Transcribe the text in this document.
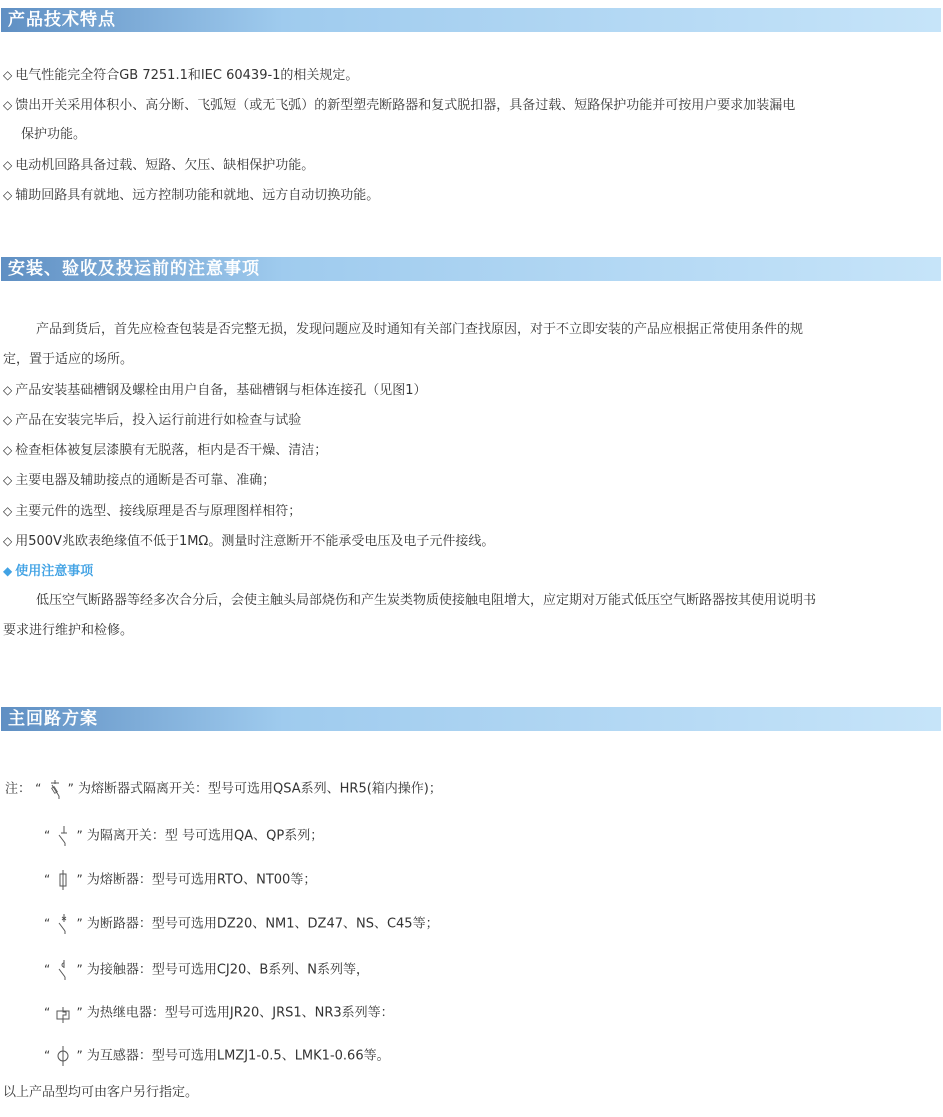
产品技术特点
◇ 电气性能完全符合GB 7251.1和IEC 60439-1的相关规定。
◇ 馈出开关采用体积小、高分断、飞弧短（或无飞弧）的新型塑壳断路器和复式脱扣器，具备过载、短路保护功能并可按用户要求加装漏电
保护功能。
◇ 电动机回路具备过载、短路、欠压、缺相保护功能。
◇ 辅助回路具有就地、远方控制功能和就地、远方自动切换功能。
安装、验收及投运前的注意事项
产品到货后，首先应检查包装是否完整无损，发现问题应及时通知有关部门查找原因，对于不立即安装的产品应根据正常使用条件的规
定，置于适应的场所。
◇ 产品安装基础槽钢及螺栓由用户自备，基础槽钢与柜体连接孔（见图1）
◇ 产品在安装完毕后，投入运行前进行如检查与试验
◇ 检查柜体被复层漆膜有无脱落，柜内是否干燥、清洁；
◇ 主要电器及辅助接点的通断是否可靠、准确；
◇ 主要元件的选型、接线原理是否与原理图样相符；
◇ 用500V兆欧表绝缘值不低于1MΩ。测量时注意断开不能承受电压及电子元件接线。
◆ 使用注意事项
低压空气断路器等经多次合分后，会使主触头局部烧伤和产生炭类物质使接触电阻增大，应定期对万能式低压空气断路器按其使用说明书
要求进行维护和检修。
主回路方案
注： “ ” 为熔断器式隔离开关：型号可选用QSA系列、HR5(箱内操作)；
“ ” 为隔离开关：型 号可选用QA、QP系列；
“ ” 为熔断器：型号可选用RTO、NT00等；
“ ” 为断路器：型号可选用DZ20、NM1、DZ47、NS、C45等；
“ ” 为接触器：型号可选用CJ20、B系列、N系列等，
“ ” 为热继电器：型号可选用JR20、JRS1、NR3系列等：
“ ” 为互感器：型号可选用LMZJ1-0.5、LMK1-0.66等。
以上产品型均可由客户另行指定。
